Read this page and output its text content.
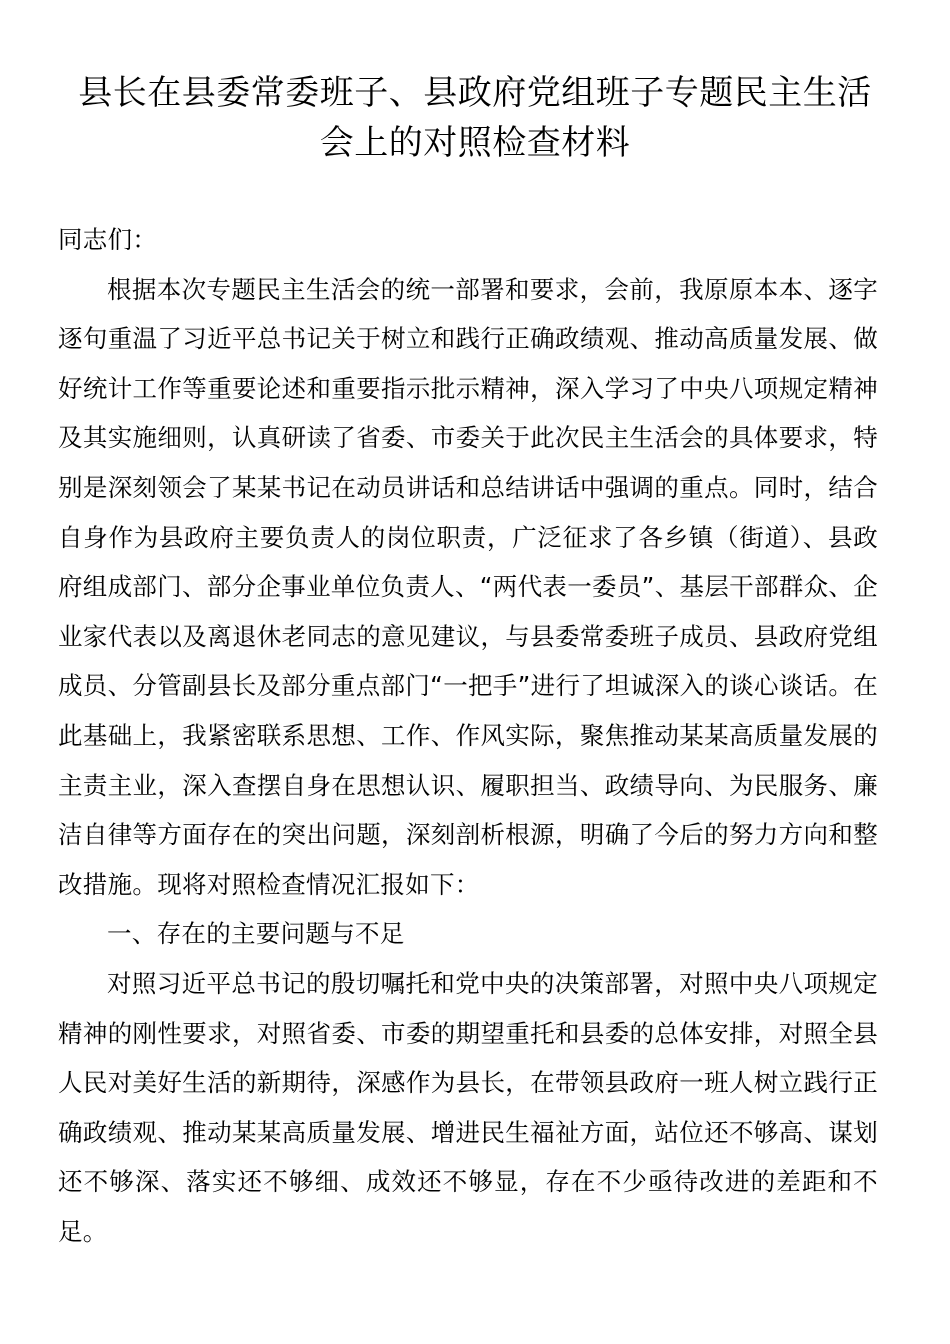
县长在县委常委班子、县政府党组班子专题民主生活
会上的对照检查材料

同志们：

根据本次专题民主生活会的统一部署和要求，会前，我原原本本、逐字逐句重温了习近平总书记关于树立和践行正确政绩观、推动高质量发展、做好统计工作等重要论述和重要指示批示精神，深入学习了中央八项规定精神及其实施细则，认真研读了省委、市委关于此次民主生活会的具体要求，特别是深刻领会了某某书记在动员讲话和总结讲话中强调的重点。同时，结合自身作为县政府主要负责人的岗位职责，广泛征求了各乡镇（街道）、县政府组成部门、部分企事业单位负责人、“两代表一委员”、基层干部群众、企业家代表以及离退休老同志的意见建议，与县委常委班子成员、县政府党组成员、分管副县长及部分重点部门“一把手”进行了坦诚深入的谈心谈话。在此基础上，我紧密联系思想、工作、作风实际，聚焦推动某某高质量发展的主责主业，深入查摆自身在思想认识、履职担当、政绩导向、为民服务、廉洁自律等方面存在的突出问题，深刻剖析根源，明确了今后的努力方向和整改措施。现将对照检查情况汇报如下：

一、存在的主要问题与不足

对照习近平总书记的殷切嘱托和党中央的决策部署，对照中央八项规定精神的刚性要求，对照省委、市委的期望重托和县委的总体安排，对照全县人民对美好生活的新期待，深感作为县长，在带领县政府一班人树立践行正确政绩观、推动某某高质量发展、增进民生福祉方面，站位还不够高、谋划还不够深、落实还不够细、成效还不够显，存在不少亟待改进的差距和不足。
